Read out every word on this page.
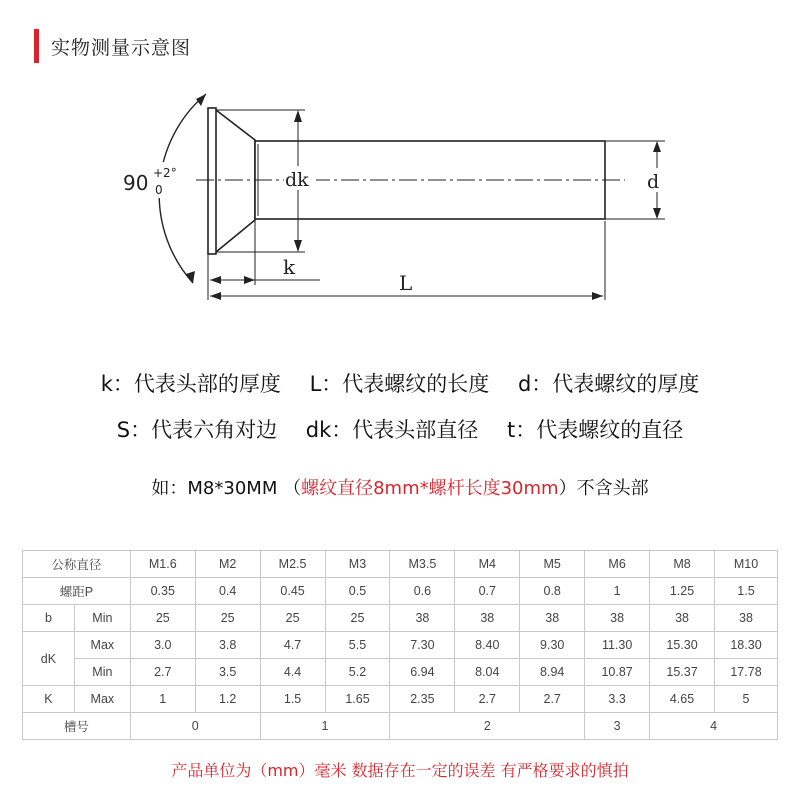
实物测量示意图
90 +2°
0	dk	d
k
L
k：代表头部的厚度 L：代表螺纹的长度 d：代表螺纹的厚度
S：代表六角对边 dk：代表头部直径 t：代表螺纹的直径
如：M8*30MM （螺纹直径8mm*螺杆长度30mm）不含头部
公称直径		M1.6	M2	M2.5	M3	M3.5	M4	M5	M6	M8	M10
螺距P		0.35	0.4	0.45	0.5	0.6	0.7	0.8	1	1.25	1.5
b	Min	25	25	25	25	38	38	38	38	38	38
dK	Max	3.0	3.8	4.7	5.5	7.30	8.40	9.30	11.30	15.30	18.30
	Min	2.7	3.5	4.4	5.2	6.94	8.04	8.94	10.87	15.37	17.78
K	Max	1	1.2	1.5	1.65	2.35	2.7	2.7	3.3	4.65	5
槽号		0		1		2			3	4	
产品单位为（mm）毫米 数据存在一定的误差 有严格要求的慎拍
